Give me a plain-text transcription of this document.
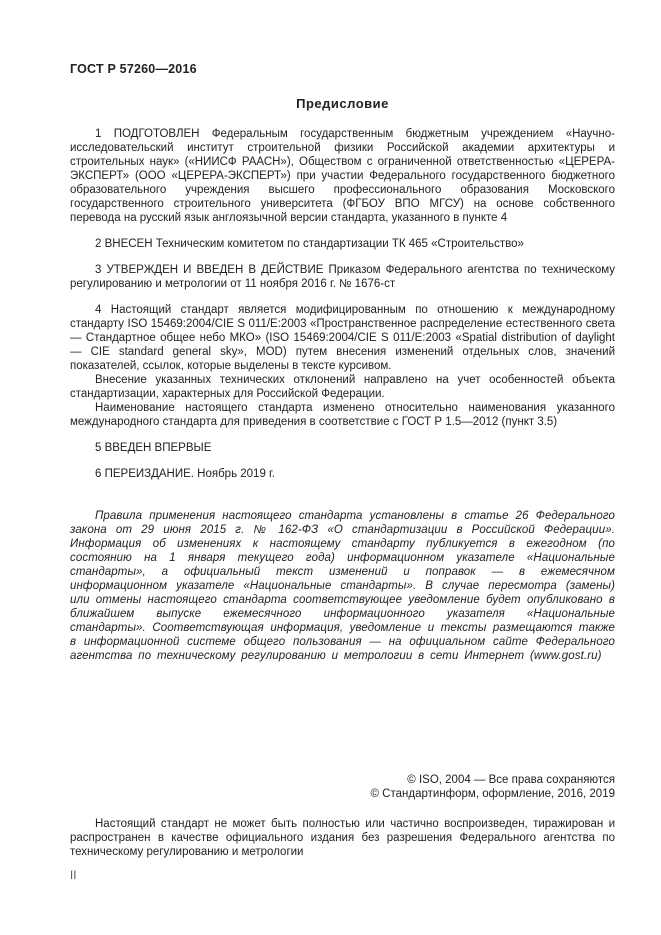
ГОСТ Р 57260—2016

Предисловие

1 ПОДГОТОВЛЕН Федеральным государственным бюджетным учреждением «Научно-исследовательский институт строительной физики Российской академии архитектуры и строительных наук» («НИИСФ РААСН»), Обществом с ограниченной ответственностью «ЦЕРЕРА-ЭКСПЕРТ» (ООО «ЦЕРЕРА-ЭКСПЕРТ») при участии Федерального государственного бюджетного образовательного учреждения высшего профессионального образования Московского государственного строительного университета (ФГБОУ ВПО МГСУ) на основе собственного перевода на русский язык англоязычной версии стандарта, указанного в пункте 4

2 ВНЕСЕН Техническим комитетом по стандартизации ТК 465 «Строительство»

3 УТВЕРЖДЕН И ВВЕДЕН В ДЕЙСТВИЕ Приказом Федерального агентства по техническому регулированию и метрологии от 11 ноября 2016 г. № 1676-ст

4 Настоящий стандарт является модифицированным по отношению к международному стандарту ISO 15469:2004/CIE S 011/E:2003 «Пространственное распределение естественного света — Стандартное общее небо МКО» (ISO 15469:2004/CIE S 011/E:2003 «Spatial distribution of daylight — CIE standard general sky», MOD) путем внесения изменений отдельных слов, значений показателей, ссылок, которые выделены в тексте курсивом.

Внесение указанных технических отклонений направлено на учет особенностей объекта стандартизации, характерных для Российской Федерации.

Наименование настоящего стандарта изменено относительно наименования указанного международного стандарта для приведения в соответствие с ГОСТ Р 1.5—2012 (пункт 3.5)

5 ВВЕДЕН ВПЕРВЫЕ

6 ПЕРЕИЗДАНИЕ. Ноябрь 2019 г.

Правила применения настоящего стандарта установлены в статье 26 Федерального закона от 29 июня 2015 г. № 162-ФЗ «О стандартизации в Российской Федерации». Информация об изменениях к настоящему стандарту публикуется в ежегодном (по состоянию на 1 января текущего года) информационном указателе «Национальные стандарты», а официальный текст изменений и поправок — в ежемесячном информационном указателе «Национальные стандарты». В случае пересмотра (замены) или отмены настоящего стандарта соответствующее уведомление будет опубликовано в ближайшем выпуске ежемесячного информационного указателя «Национальные стандарты». Соответствующая информация, уведомление и тексты размещаются также в информационной системе общего пользования — на официальном сайте Федерального агентства по техническому регулированию и метрологии в сети Интернет (www.gost.ru)

© ISO, 2004 — Все права сохраняются

© Стандартинформ, оформление, 2016, 2019

Настоящий стандарт не может быть полностью или частично воспроизведен, тиражирован и распространен в качестве официального издания без разрешения Федерального агентства по техническому регулированию и метрологии

II
